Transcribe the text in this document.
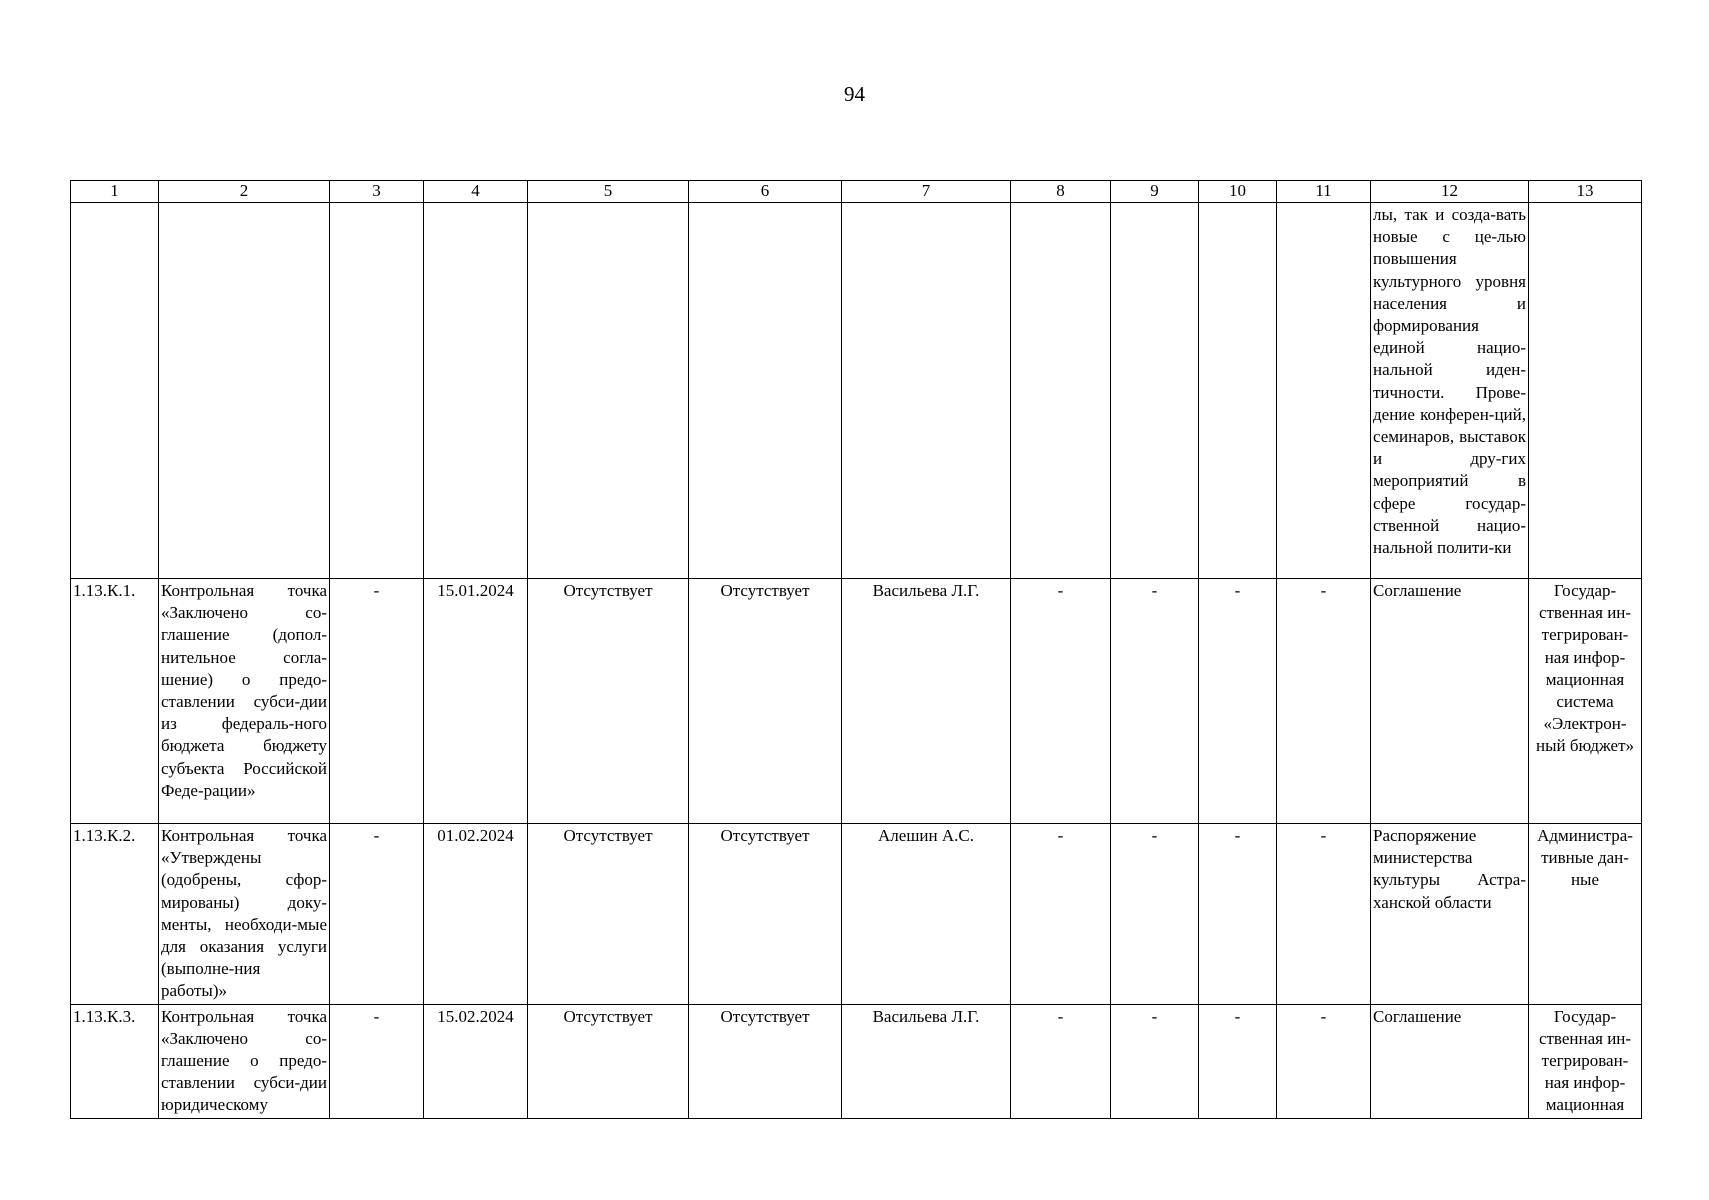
94
1	2	3	4	5	6	7	8	9	10	11	12	13
											лы, так и созда-вать новые с це-лью повышения культурного уровня населения и формирования единой нацио-нальной иден-тичности. Прове-дение конферен-ций, семинаров, выставок и дру-гих мероприятий в сфере государ-ственной нацио-нальной полити-ки	
1.13.К.1.	Контрольная точка «Заключено со-глашение (допол-нительное согла-шение) о предо-ставлении субси-дии из федераль-ного бюджета бюджету субъекта Российской Феде-рации»	-	15.01.2024	Отсутствует	Отсутствует	Васильева Л.Г.	-	-	-	-	Соглашение	Государ-ственная ин-тегрирован-ная инфор-мационная система «Электрон-ный бюджет»
1.13.К.2.	Контрольная точка «Утверждены (одобрены, сфор-мированы) доку-менты, необходи-мые для оказания услуги (выполне-ния работы)»	-	01.02.2024	Отсутствует	Отсутствует	Алешин А.С.	-	-	-	-	Распоряжение министерства культуры Астра-ханской области	Администра-тивные дан-ные
1.13.К.3.	Контрольная точка «Заключено со-глашение о предо-ставлении субси-дии юридическому	-	15.02.2024	Отсутствует	Отсутствует	Васильева Л.Г.	-	-	-	-	Соглашение	Государ-ственная ин-тегрирован-ная инфор-мационная
